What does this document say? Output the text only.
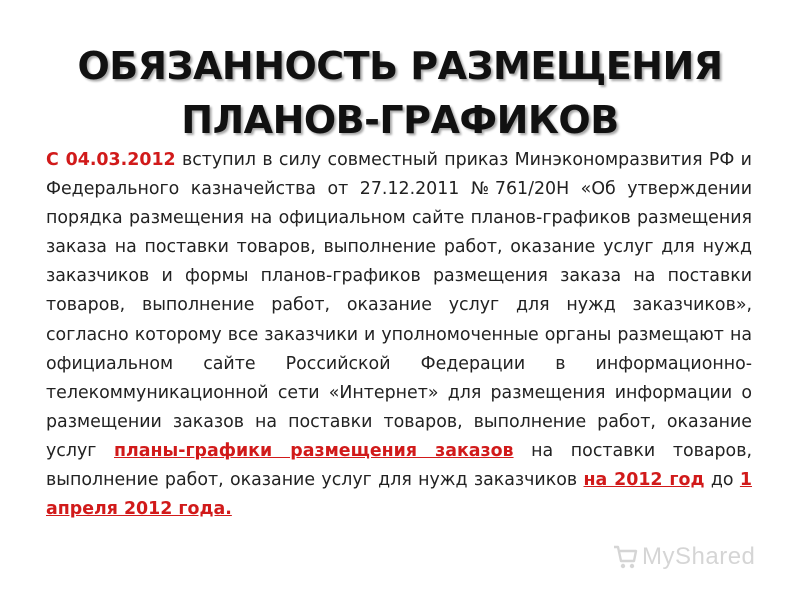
ОБЯЗАННОСТЬ РАЗМЕЩЕНИЯ
ПЛАНОВ-ГРАФИКОВ
С 04.03.2012 вступил в силу совместный приказ Минэкономразвития РФ и Федерального казначейства от 27.12.2011 №761/20Н «Об утверждении порядка размещения на официальном сайте планов-графиков размещения заказа на поставки товаров, выполнение работ, оказание услуг для нужд заказчиков и формы планов-графиков размещения заказа на поставки товаров, выполнение работ, оказание услуг для нужд заказчиков», согласно которому все заказчики и уполномоченные органы размещают на официальном сайте Российской Федерации в информационно-телекоммуникационной сети «Интернет» для размещения информации о размещении заказов на поставки товаров, выполнение работ, оказание услуг планы-графики размещения заказов на поставки товаров, выполнение работ, оказание услуг для нужд заказчиков на 2012 год до 1 апреля 2012 года.
MyShared
